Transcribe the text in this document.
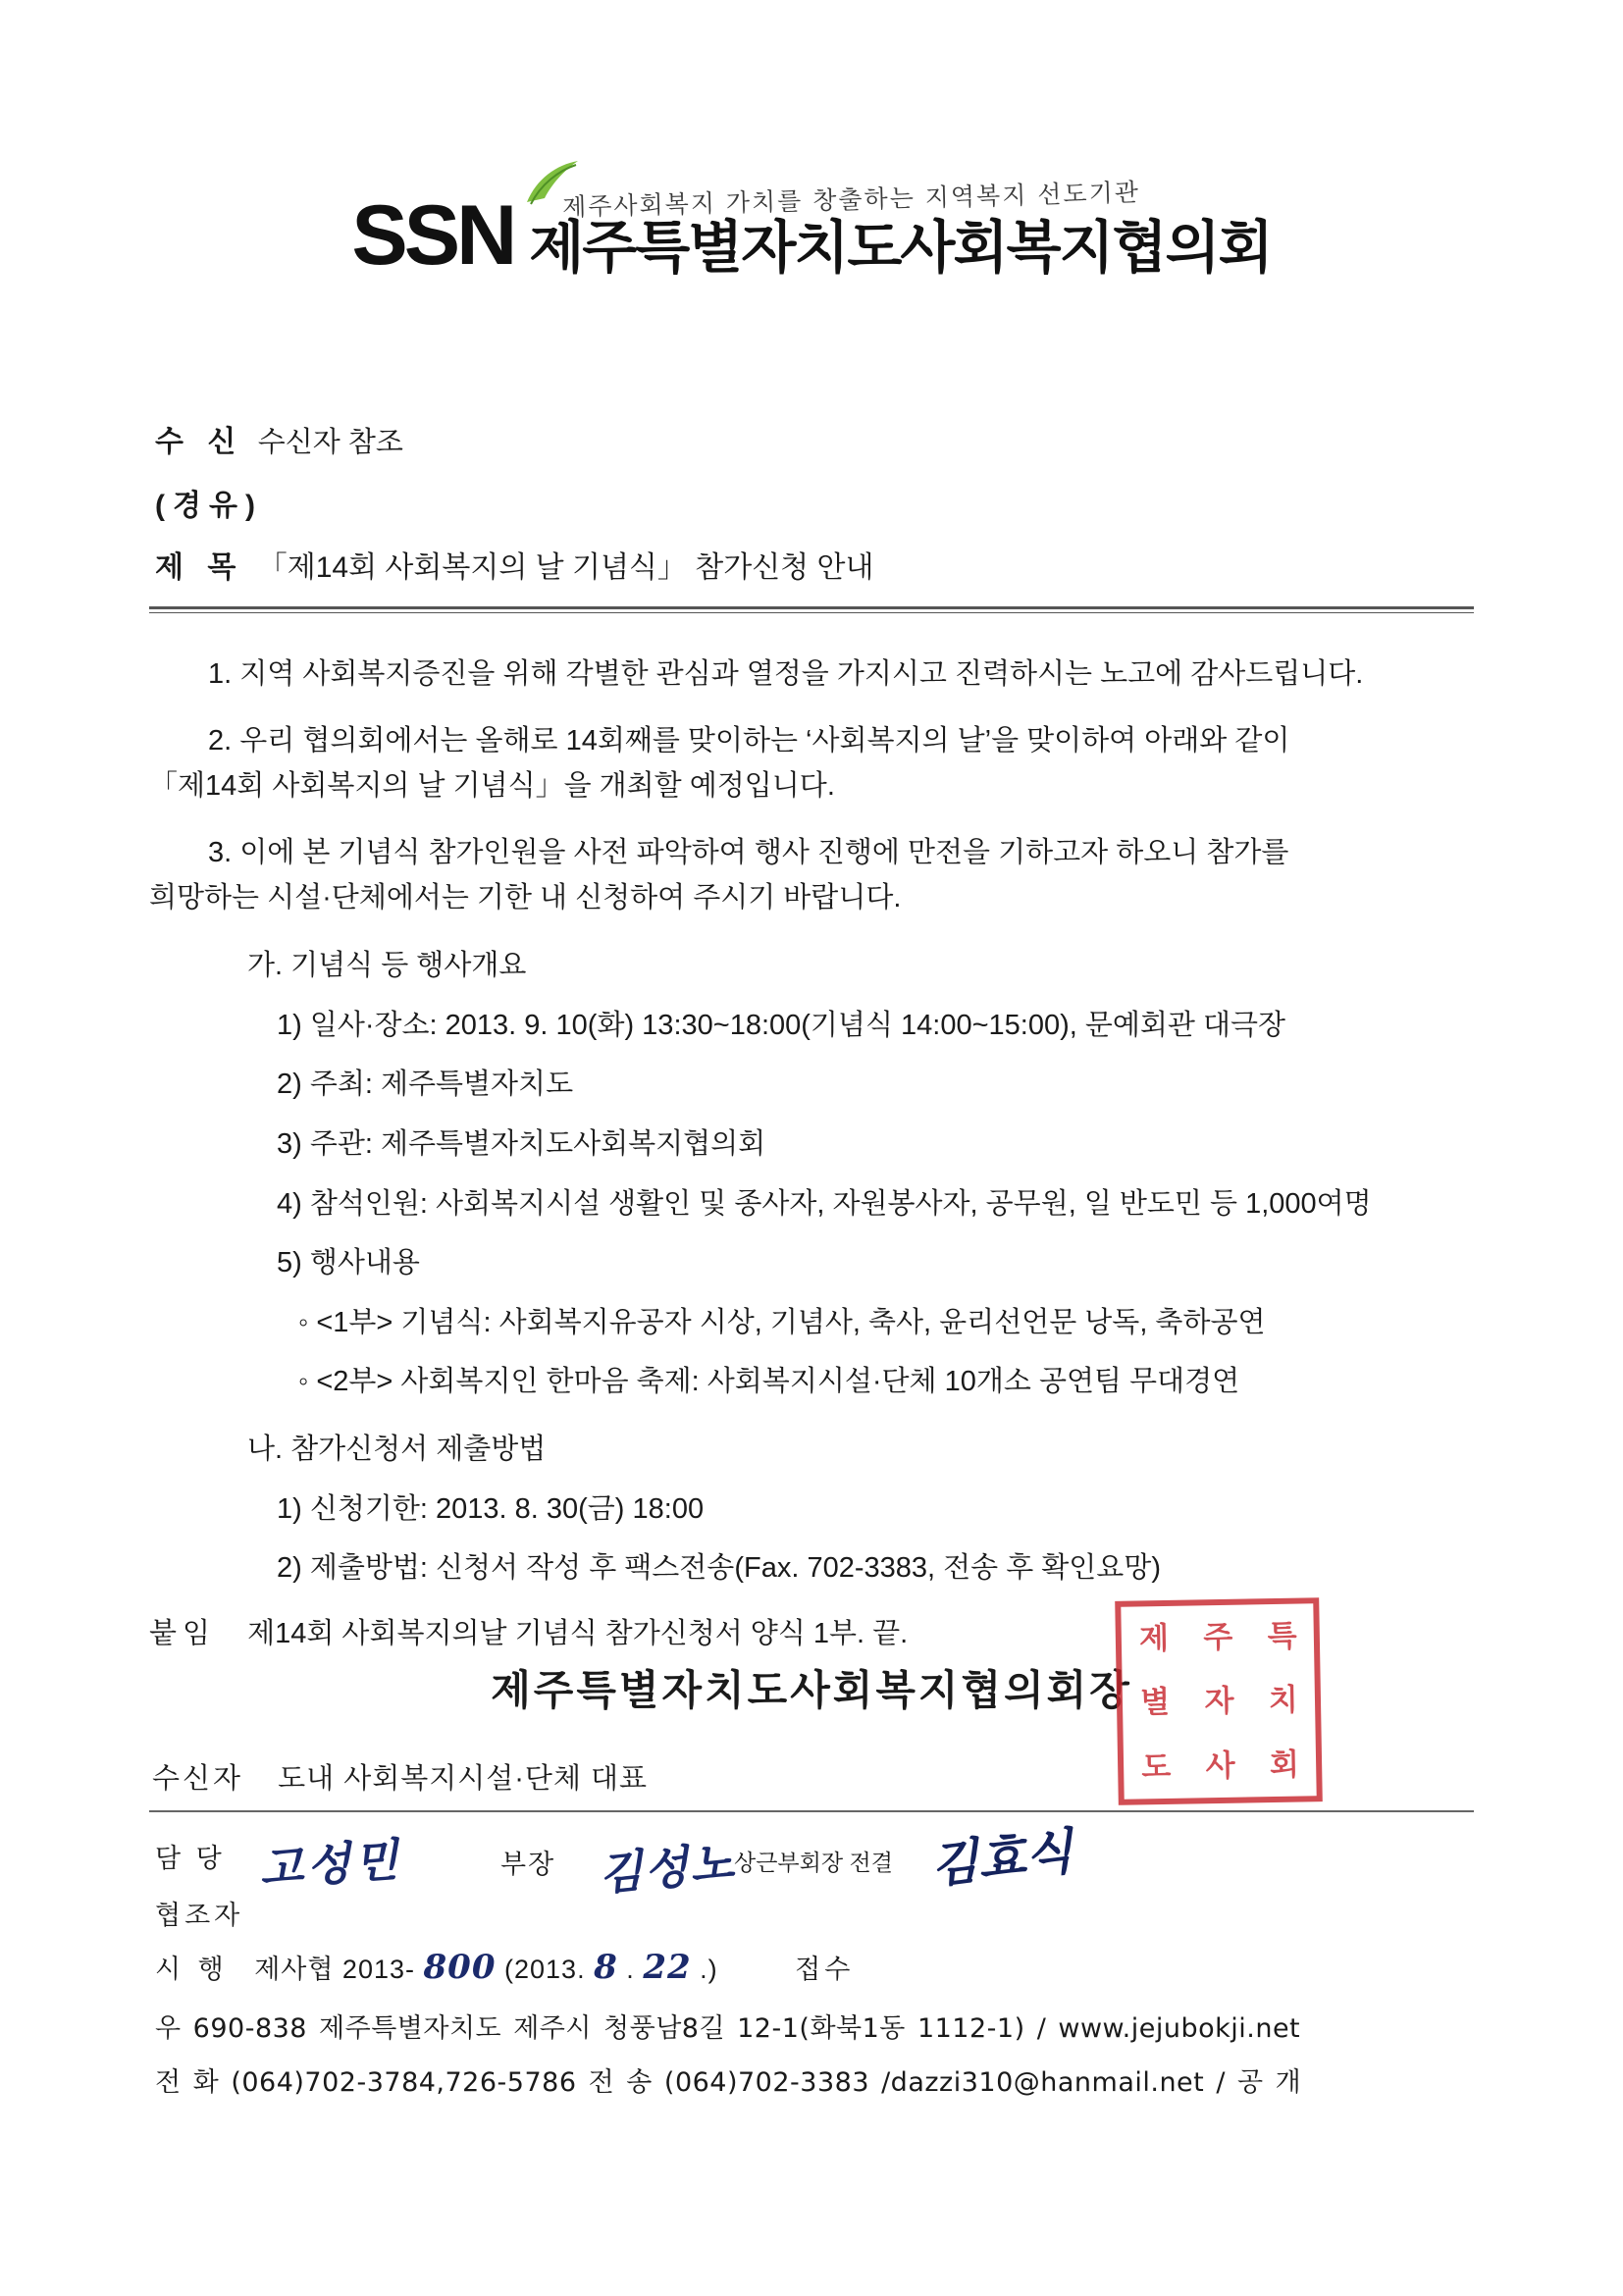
제주사회복지 가치를 창출하는 지역복지 선도기관
SSN 제주특별자치도사회복지협의회
수 신 수신자 참조
(경유)
제 목 「제14회 사회복지의 날 기념식」 참가신청 안내
1. 지역 사회복지증진을 위해 각별한 관심과 열정을 가지시고 진력하시는 노고에 감사드립니다.
2. 우리 협의회에서는 올해로 14회째를 맞이하는 ‘사회복지의 날’을 맞이하여 아래와 같이
「제14회 사회복지의 날 기념식」을 개최할 예정입니다.
3. 이에 본 기념식 참가인원을 사전 파악하여 행사 진행에 만전을 기하고자 하오니 참가를
희망하는 시설·단체에서는 기한 내 신청하여 주시기 바랍니다.
가. 기념식 등 행사개요
1) 일사·장소: 2013. 9. 10(화) 13:30~18:00(기념식 14:00~15:00), 문예회관 대극장
2) 주최: 제주특별자치도
3) 주관: 제주특별자치도사회복지협의회
4) 참석인원: 사회복지시설 생활인 및 종사자, 자원봉사자, 공무원, 일 반도민 등 1,000여명
5) 행사내용
◦ <1부> 기념식: 사회복지유공자 시상, 기념사, 축사, 윤리선언문 낭독, 축하공연
◦ <2부> 사회복지인 한마음 축제: 사회복지시설·단체 10개소 공연팀 무대경연
나. 참가신청서 제출방법
1) 신청기한: 2013. 8. 30(금) 18:00
2) 제출방법: 신청서 작성 후 팩스전송(Fax. 702-3383, 전송 후 확인요망)
붙임 제14회 사회복지의날 기념식 참가신청서 양식 1부. 끝.
제주특별자치도사회복지협의회장
제	주	특
별	자	치
도	사	회
수신자 도내 사회복지시설·단체 대표
담 당 고성민	부장 김성노
상근부회장 전결 김효식
협조자
시 행 제사협 2013- 800 (2013. 8 . 22 .)	접수
우 690-838 제주특별자치도 제주시 청풍남8길 12-1(화북1동 1112-1) / www.jejubokji.net
전 화 (064)702-3784,726-5786 전 송 (064)702-3383 /dazzi310@hanmail.net / 공 개
